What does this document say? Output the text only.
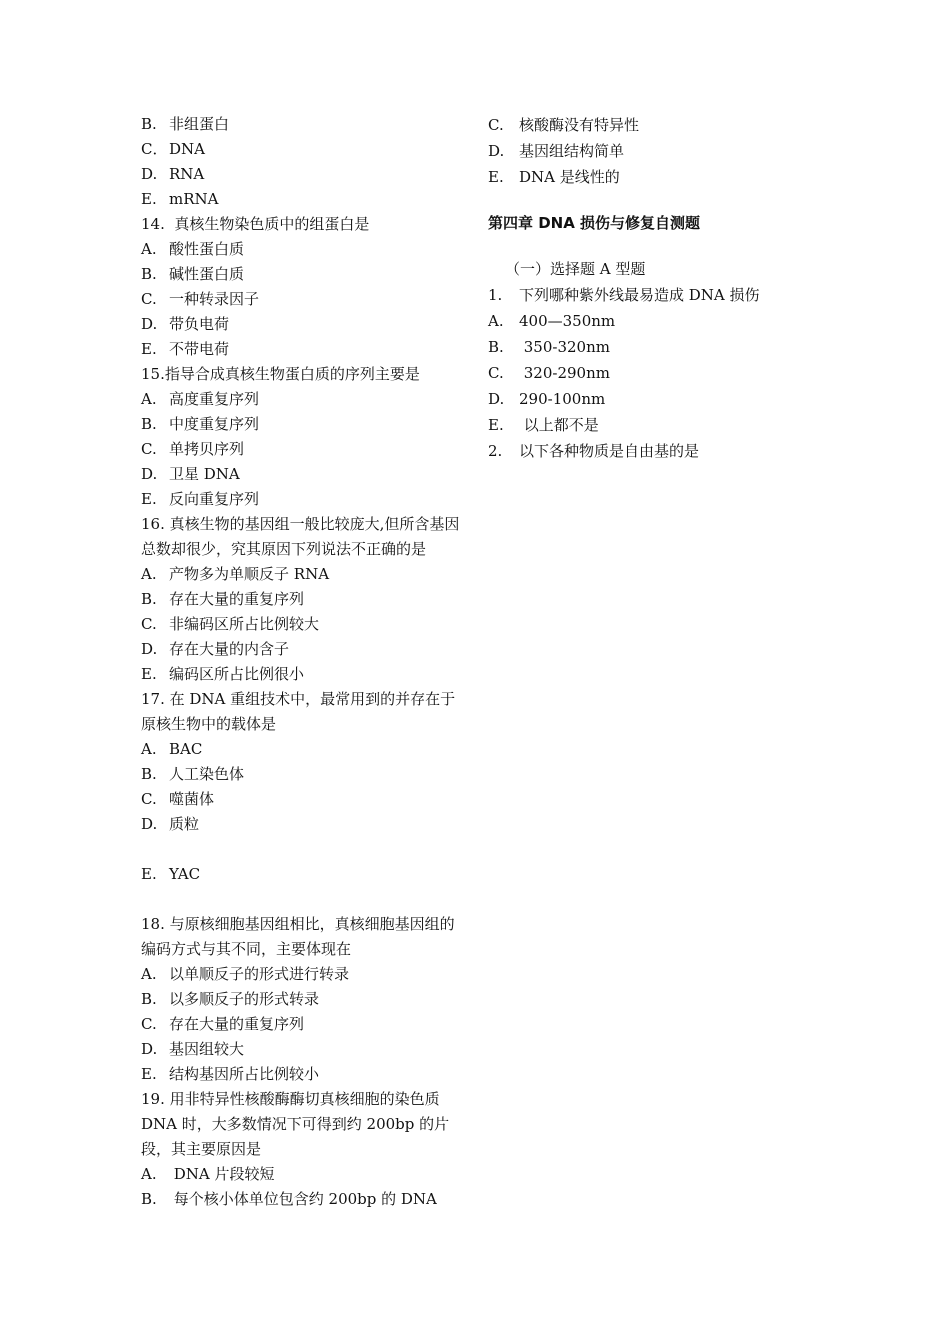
B. 非组蛋白
C． DNA
D. RNA
E. mRNA
14.  真核生物染色质中的组蛋白是
A. 酸性蛋白质
B. 碱性蛋白质
C. 一种转录因子
D. 带负电荷
E. 不带电荷
15.指导合成真核生物蛋白质的序列主要是
A. 高度重复序列
B. 中度重复序列
C. 单拷贝序列
D. 卫星 DNA
E. 反向重复序列
16. 真核生物的基因组一般比较庞大,但所含基因总数却很少，究其原因下列说法不正确的是
A. 产物多为单顺反子 RNA
B. 存在大量的重复序列
C. 非编码区所占比例较大
D. 存在大量的内含子
E. 编码区所占比例很小
17. 在 DNA 重组技术中，最常用到的并存在于原核生物中的载体是
A. BAC
B. 人工染色体
C. 噬菌体
D. 质粒
E. YAC
18. 与原核细胞基因组相比，真核细胞基因组的编码方式与其不同，主要体现在
A. 以单顺反子的形式进行转录
B. 以多顺反子的形式转录
C. 存在大量的重复序列
D. 基因组较大
E. 结构基因所占比例较小
19. 用非特异性核酸酶酶切真核细胞的染色质 DNA 时，大多数情况下可得到约 200bp 的片段，其主要原因是
A. DNA 片段较短
B. 每个核小体单位包含约 200bp 的 DNA
C. 核酸酶没有特异性
D. 基因组结构简单
E. DNA 是线性的
第四章 DNA 损伤与修复自测题
（一）选择题 A 型题
1. 下列哪种紫外线最易造成 DNA 损伤
A. 400—350nm
B. 350-320nm
C. 320-290nm
D. 290-100nm
E. 以上都不是
2. 以下各种物质是自由基的是
